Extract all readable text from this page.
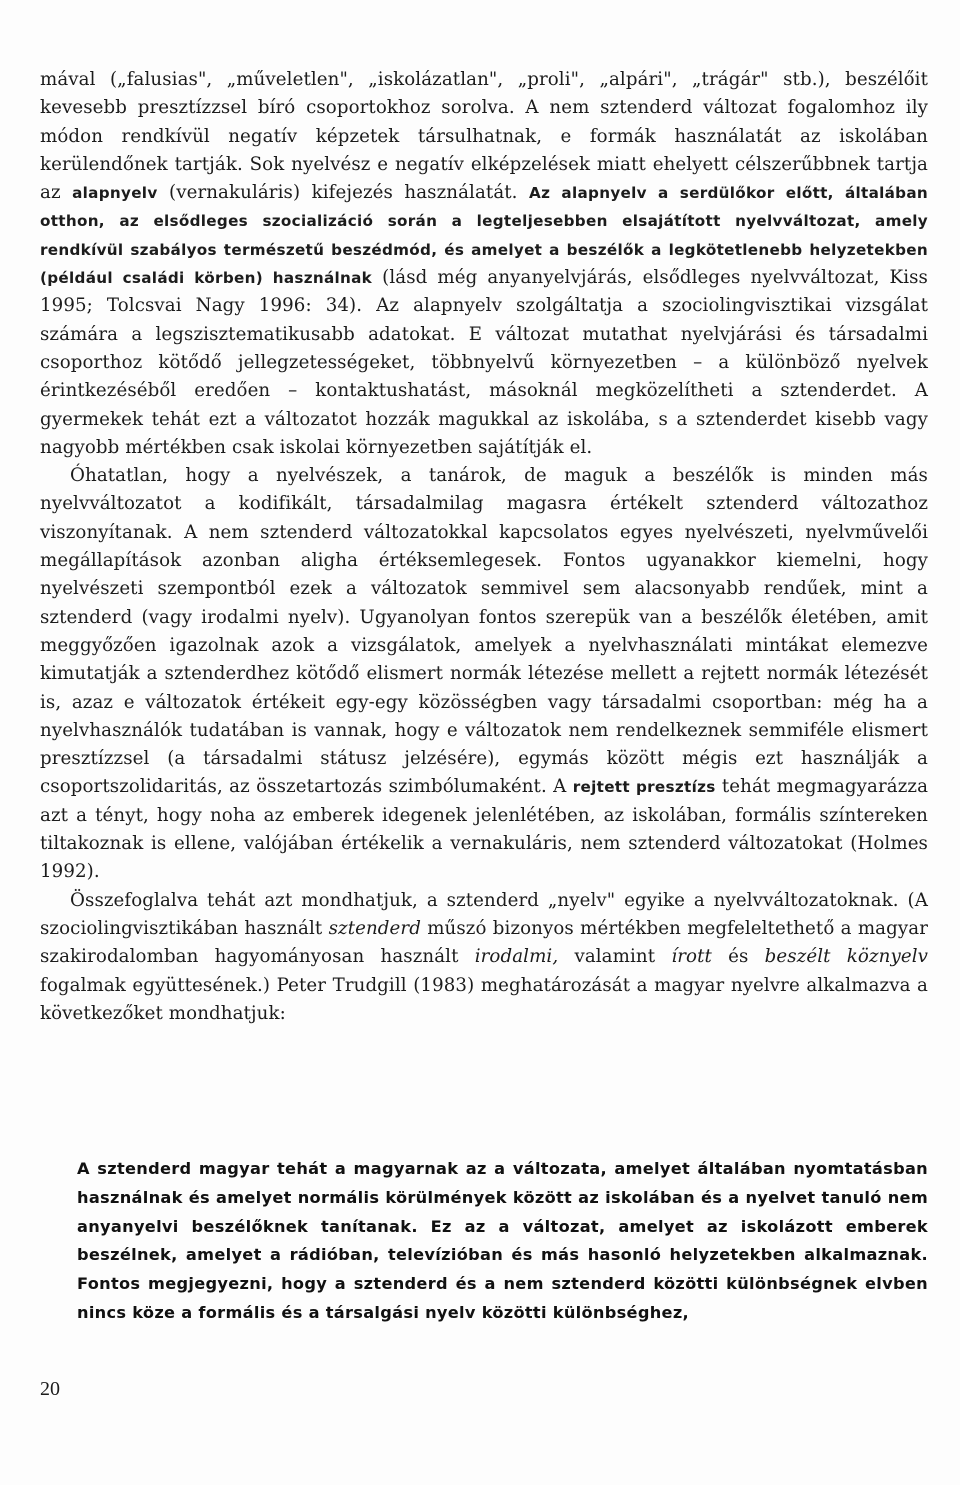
mával („falusias", „műveletlen", „iskolázatlan", „proli", „alpári", „trágár" stb.), beszélőit kevesebb presztízzsel bíró csoportokhoz sorolva. A nem sztenderd változat fogalomhoz ily módon rendkívül negatív képzetek társulhatnak, e formák használatát az iskolában kerülendőnek tartják. Sok nyelvész e negatív elképzelések miatt ehelyett célszerűbbnek tartja az alapnyelv (vernakuláris) kifejezés használatát. Az alapnyelv a serdülőkor előtt, általában otthon, az elsődleges szocializáció során a legteljesebben elsajátított nyelvváltozat, amely rendkívül szabályos természetű beszédmód, és amelyet a beszélők a legkötetlenebb helyzetekben (például családi körben) használnak (lásd még anyanyelvjárás, elsődleges nyelvváltozat, Kiss 1995; Tolcsvai Nagy 1996: 34). Az alapnyelv szolgáltatja a szociolingvisztikai vizsgálat számára a legszisztematikusabb adatokat. E változat mutathat nyelvjárási és társadalmi csoporthoz kötődő jellegzetességeket, többnyelvű környezetben – a különböző nyelvek érintkezéséből eredően – kontaktushatást, másoknál megközelítheti a sztenderdet. A gyermekek tehát ezt a változatot hozzák magukkal az iskolába, s a sztenderdet kisebb vagy nagyobb mértékben csak iskolai környezetben sajátítják el.

Óhatatlan, hogy a nyelvészek, a tanárok, de maguk a beszélők is minden más nyelvváltozatot a kodifikált, társadalmilag magasra értékelt sztenderd változathoz viszonyítanak. A nem sztenderd változatokkal kapcsolatos egyes nyelvészeti, nyelvművelői megállapítások azonban aligha értéksemlegesek. Fontos ugyanakkor kiemelni, hogy nyelvészeti szempontból ezek a változatok semmivel sem alacsonyabb rendűek, mint a sztenderd (vagy irodalmi nyelv). Ugyanolyan fontos szerepük van a beszélők életében, amit meggyőzően igazolnak azok a vizsgálatok, amelyek a nyelvhasználati mintákat elemezve kimutatják a sztenderdhez kötődő elismert normák létezése mellett a rejtett normák létezését is, azaz e változatok értékeit egy-egy közösségben vagy társadalmi csoportban: még ha a nyelvhasználók tudatában is vannak, hogy e változatok nem rendelkeznek semmiféle elismert presztízzsel (a társadalmi státusz jelzésére), egymás között mégis ezt használják a csoportszolidaritás, az összetartozás szimbólumaként. A rejtett presztízs tehát megmagyarázza azt a tényt, hogy noha az emberek idegenek jelenlétében, az iskolában, formális színtereken tiltakoznak is ellene, valójában értékelik a vernakuláris, nem sztenderd változatokat (Holmes 1992).

Összefoglalva tehát azt mondhatjuk, a sztenderd „nyelv" egyike a nyelvváltozatoknak. (A szociolingvisztikában használt sztenderd műszó bizonyos mértékben megfeleltethető a magyar szakirodalomban hagyományosan használt irodalmi, valamint írott és beszélt köznyelv fogalmak együttesének.) Peter Trudgill (1983) meghatározását a magyar nyelvre alkalmazva a következőket mondhatjuk:

A sztenderd magyar tehát a magyarnak az a változata, amelyet általában nyomtatásban használnak és amelyet normális körülmények között az iskolában és a nyelvet tanuló nem anyanyelvi beszélőknek tanítanak. Ez az a változat, amelyet az iskolázott emberek beszélnek, amelyet a rádióban, televízióban és más hasonló helyzetekben alkalmaznak. Fontos megjegyezni, hogy a sztenderd és a nem sztenderd közötti különbségnek elvben nincs köze a formális és a társalgási nyelv közötti különbséghez,
20
